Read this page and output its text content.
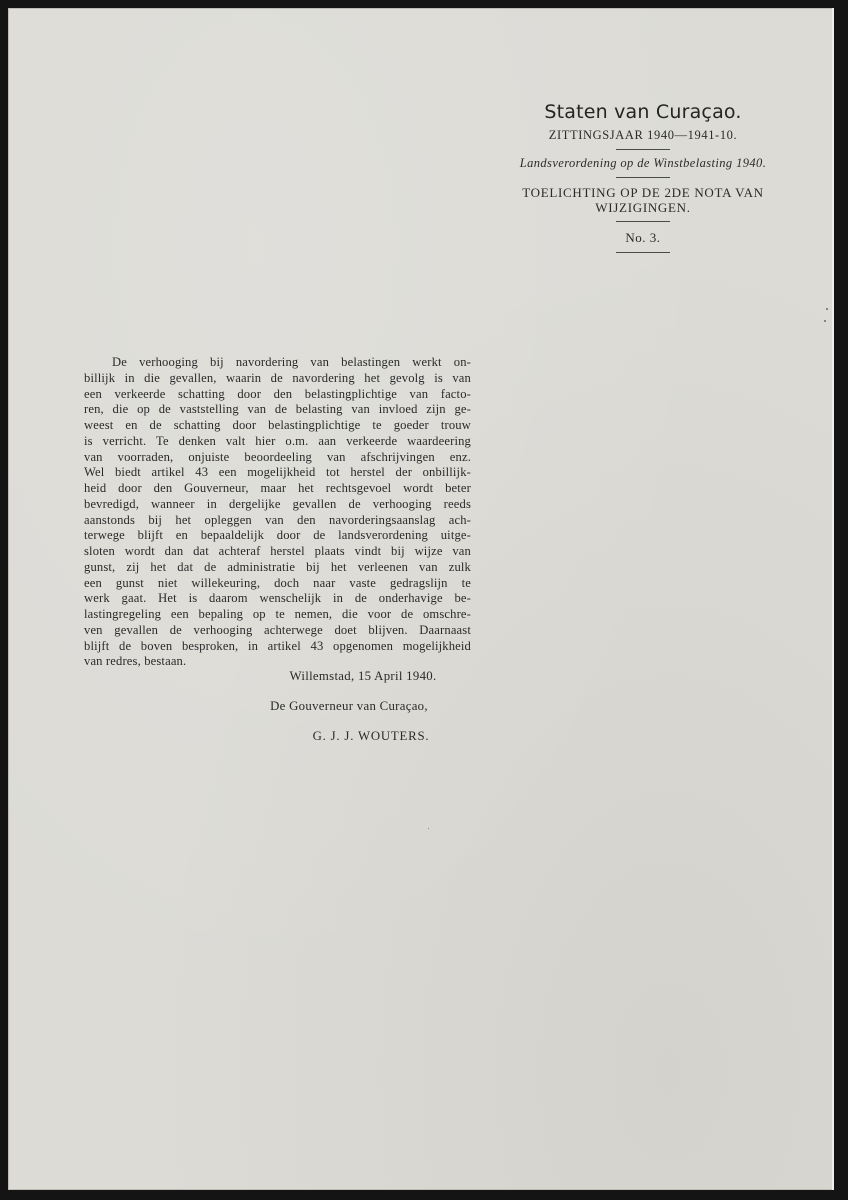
Staten van Curaçao.
ZITTINGSJAAR 1940—1941-10.
Landsverordening op de Winstbelasting 1940.
TOELICHTING OP DE 2DE NOTA VAN
WIJZIGINGEN.
No. 3.
De verhooging bij navordering van belastingen werkt on-
billijk in die gevallen, waarin de navordering het gevolg is van
een verkeerde schatting door den belastingplichtige van facto-
ren, die op de vaststelling van de belasting van invloed zijn ge-
weest en de schatting door belastingplichtige te goeder trouw
is verricht. Te denken valt hier o.m. aan verkeerde waardeering
van voorraden, onjuiste beoordeeling van afschrijvingen enz.
Wel biedt artikel 43 een mogelijkheid tot herstel der onbillijk-
heid door den Gouverneur, maar het rechtsgevoel wordt beter
bevredigd, wanneer in dergelijke gevallen de verhooging reeds
aanstonds bij het opleggen van den navorderingsaanslag ach-
terwege blijft en bepaaldelijk door de landsverordening uitge-
sloten wordt dan dat achteraf herstel plaats vindt bij wijze van
gunst, zij het dat de administratie bij het verleenen van zulk
een gunst niet willekeuring, doch naar vaste gedragslijn te
werk gaat. Het is daarom wenschelijk in de onderhavige be-
lastingregeling een bepaling op te nemen, die voor de omschre-
ven gevallen de verhooging achterwege doet blijven. Daarnaast
blijft de boven besproken, in artikel 43 opgenomen mogelijkheid
van redres, bestaan.
Willemstad, 15 April 1940.
De Gouverneur van Curaçao,
G. J. J. WOUTERS.
